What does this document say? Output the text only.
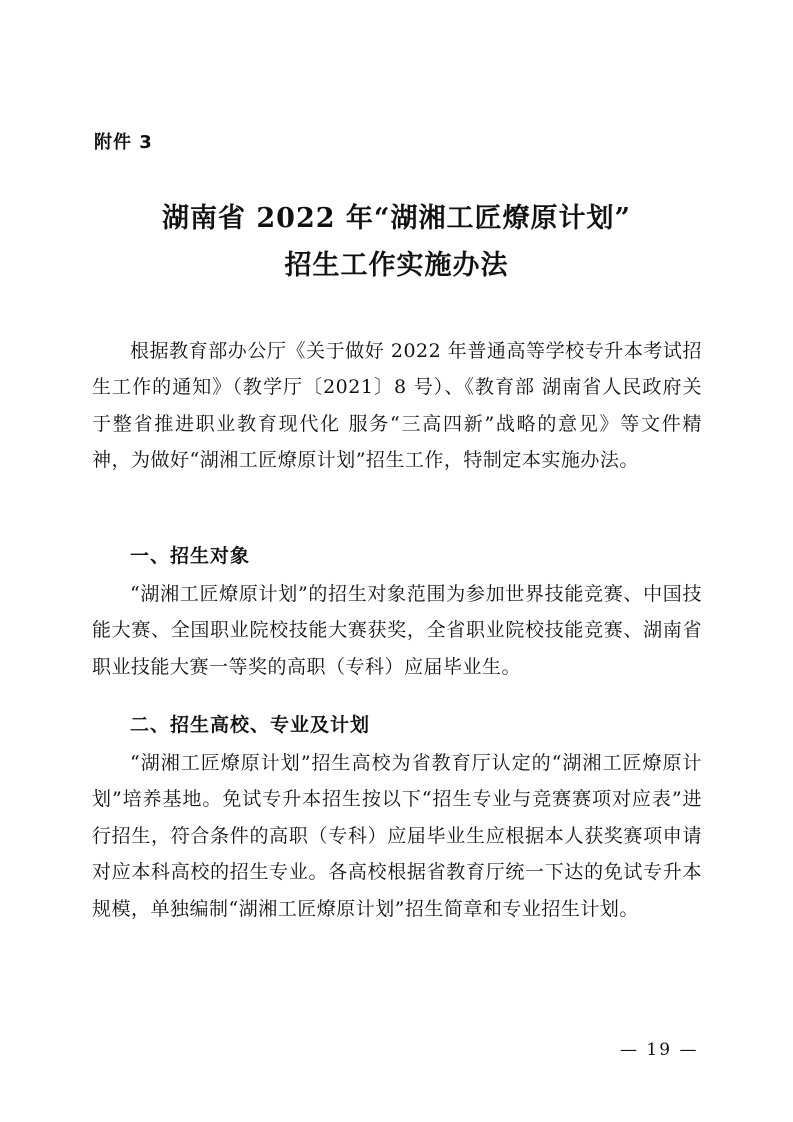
附件 3
湖南省 2022 年“湖湘工匠燎原计划”
招生工作实施办法
根据教育部办公厅《关于做好 2022 年普通高等学校专升本考试招生工作的通知》（教学厅〔2021〕8 号）、《教育部 湖南省人民政府关于整省推进职业教育现代化 服务“三高四新”战略的意见》等文件精神，为做好“湖湘工匠燎原计划”招生工作，特制定本实施办法。
一、招生对象
“湖湘工匠燎原计划”的招生对象范围为参加世界技能竞赛、中国技能大赛、全国职业院校技能大赛获奖，全省职业院校技能竞赛、湖南省职业技能大赛一等奖的高职（专科）应届毕业生。
二、招生高校、专业及计划
“湖湘工匠燎原计划”招生高校为省教育厅认定的“湖湘工匠燎原计划”培养基地。免试专升本招生按以下“招生专业与竞赛赛项对应表”进行招生，符合条件的高职（专科）应届毕业生应根据本人获奖赛项申请对应本科高校的招生专业。各高校根据省教育厅统一下达的免试专升本规模，单独编制“湖湘工匠燎原计划”招生简章和专业招生计划。
— 19 —
